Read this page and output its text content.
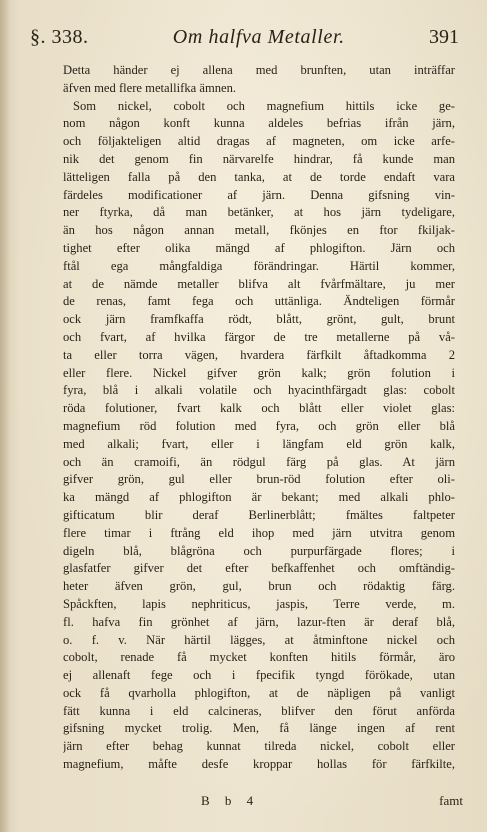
§. 338.	Om halfva Metaller.	391
Detta händer ej allena med brunften, utan inträffar
äfven med flere metallifka ämnen.
Som nickel, cobolt och magnefium hittils icke ge-
nom någon konft kunna aldeles befrias ifrån järn,
och följakteligen altid dragas af magneten, om icke arfe-
nik det genom fin närvarelfe hindrar, få kunde man
lätteligen falla på den tanka, at de torde endaft vara
färdeles modificationer af järn. Denna gifsning vin-
ner ftyrka, då man betänker, at hos järn tydeligare,
än hos någon annan metall, fkönjes en ftor fkiljak-
tighet efter olika mängd af phlogifton. Järn och
ftål ega mångfaldiga förändringar. Härtil kommer,
at de nämde metaller blifva alt fvårfmältare, ju mer
de renas, famt fega och uttänliga. Ändteligen förmår
ock järn framfkaffa rödt, blått, grönt, gult, brunt
och fvart, af hvilka färgor de tre metallerne på vå-
ta eller torra vägen, hvardera färfkilt åftadkomma 2
eller flere. Nickel gifver grön kalk; grön folution i
fyra, blå i alkali volatile och hyacinthfärgadt glas: cobolt
röda folutioner, fvart kalk och blått eller violet glas:
magnefium röd folution med fyra, och grön eller blå
med alkali; fvart, eller i längfam eld grön kalk,
och än cramoifi, än rödgul färg på glas. At järn
gifver grön, gul eller brun-röd folution efter oli-
ka mängd af phlogifton är bekant; med alkali phlo-
gifticatum blir deraf Berlinerblått; fmältes faltpeter
flere timar i ftrång eld ihop med järn utvitra genom
digeln blå, blågröna och purpurfärgade flores; i
glasfatfer gifver det efter befkaffenhet och omftändig-
heter äfven grön, gul, brun och rödaktig färg.
Spåckften, lapis nephriticus, jaspis, Terre verde, m.
fl. hafva fin grönhet af järn, lazur-ften är deraf blå,
o. f. v. När härtil lägges, at åtminftone nickel och
cobolt, renade få mycket konften hitils förmår, äro
ej allenaft fege och i fpecifik tyngd förökade, utan
ock få qvarhollа phlogifton, at de näpligen på vanligt
fätt kunna i eld calcineras, blifver den förut anförda
gifsning mycket trolig. Men, få länge ingen af rent
järn efter behag kunnat tilreda nickel, cobolt eller
magnefium, måfte desfe kroppar hollas för färfkilte,
B b 4	famt
